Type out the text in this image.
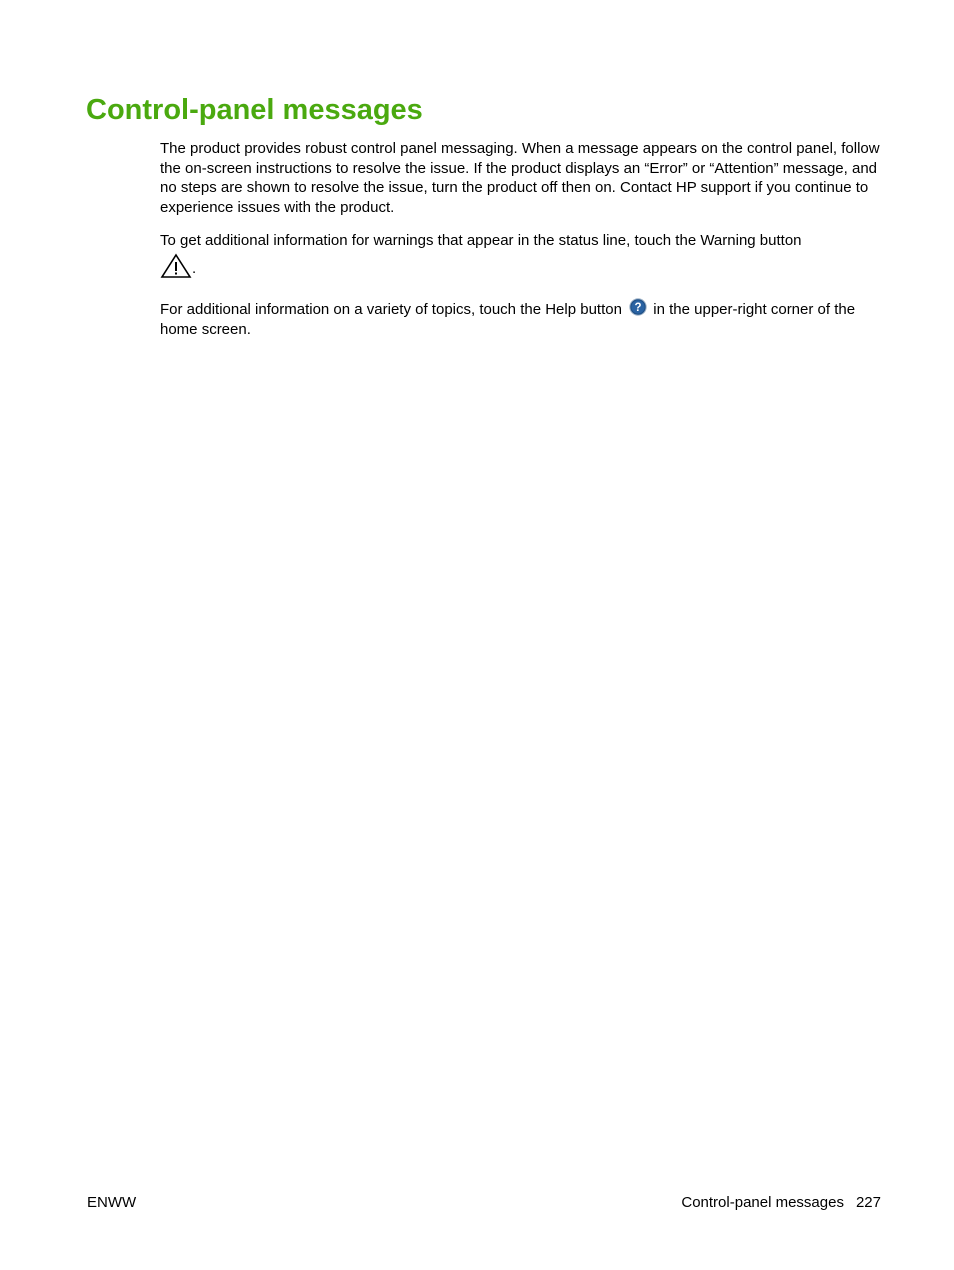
Control-panel messages

The product provides robust control panel messaging. When a message appears on the control panel, follow the on-screen instructions to resolve the issue. If the product displays an “Error” or “Attention” message, and no steps are shown to resolve the issue, turn the product off then on. Contact HP support if you continue to experience issues with the product.

To get additional information for warnings that appear in the status line, touch the Warning button
.

For additional information on a variety of topics, touch the Help button ? in the upper-right corner of the home screen.

ENWW	Control-panel messages 227
